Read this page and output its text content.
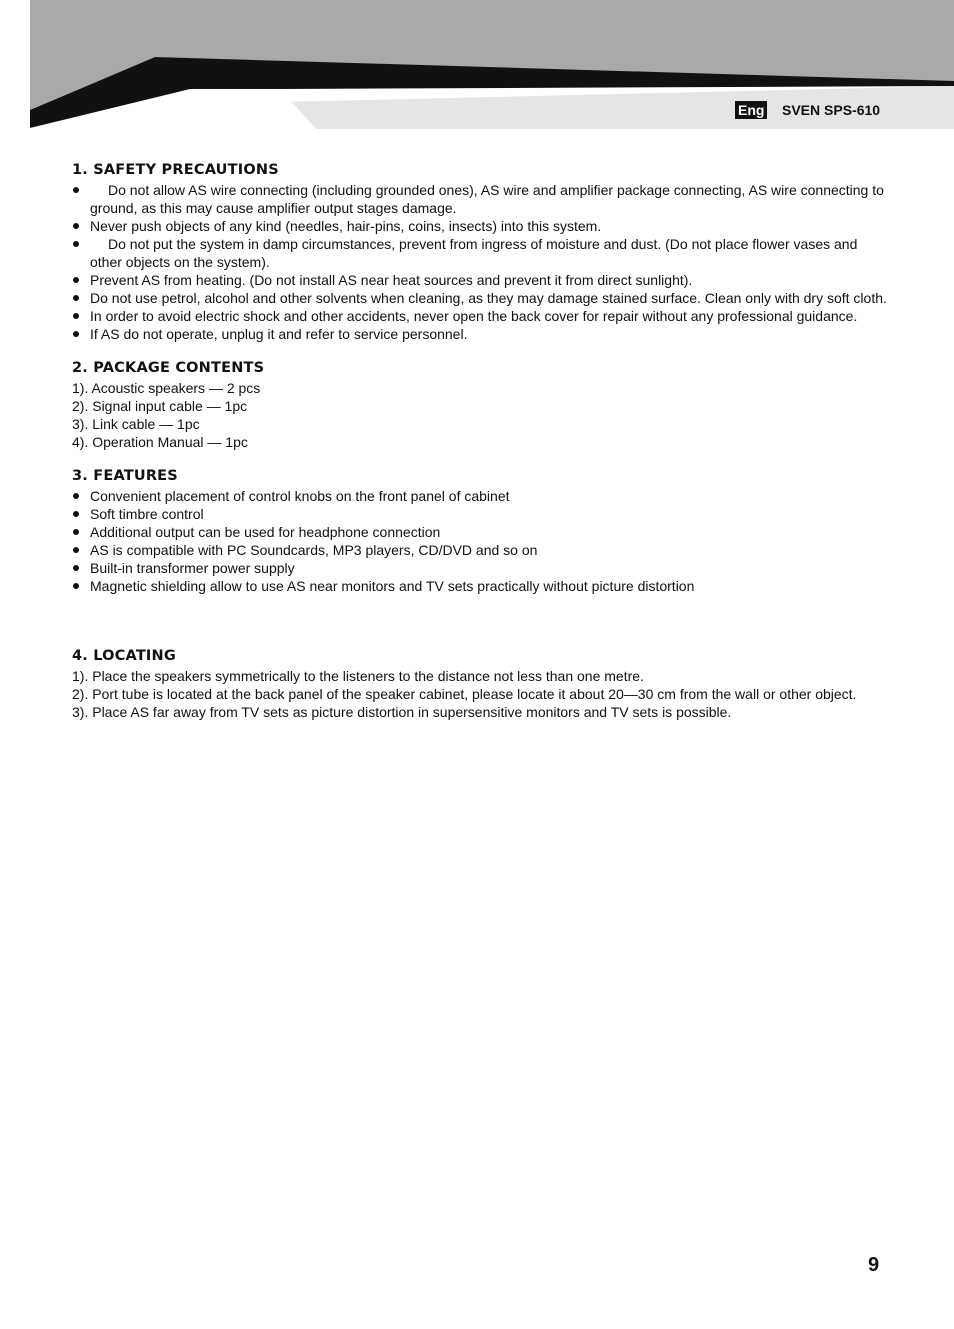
Eng SVEN SPS-610
1. SAFETY PRECAUTIONS
Do not allow AS wire connecting (including grounded ones), AS wire and amplifier package connecting, AS wire connecting to ground, as this may cause amplifier output stages damage.
Never push objects of any kind (needles, hair-pins, coins, insects) into this system.
Do not put the system in damp circumstances, prevent from ingress of moisture and dust. (Do not place flower vases and other objects on the system).
Prevent AS from heating. (Do not install AS near heat sources and prevent it from direct sunlight).
Do not use petrol, alcohol and other solvents when cleaning, as they may damage stained surface. Clean only with dry soft cloth.
In order to avoid electric shock and other accidents, never open the back cover for repair without any professional guidance.
If AS do not operate, unplug it and refer to service personnel.
2. PACKAGE CONTENTS

1). Acoustic speakers — 2 pcs

2). Signal input cable — 1pc

3). Link cable — 1pc

4). Operation Manual — 1pc

3. FEATURES
Convenient placement of control knobs on the front panel of cabinet
Soft timbre control
Additional output can be used for headphone connection
AS is compatible with PC Soundcards, MP3 players, CD/DVD and so on
Built-in transformer power supply
Magnetic shielding allow to use AS near monitors and TV sets practically without picture distortion
4. LOCATING

1). Place the speakers symmetrically to the listeners to the distance not less than one metre.

2). Port tube is located at the back panel of the speaker cabinet, please locate it about 20—30 cm from the wall or other object.

3). Place AS far away from TV sets as picture distortion in supersensitive monitors and TV sets is possible.

9
